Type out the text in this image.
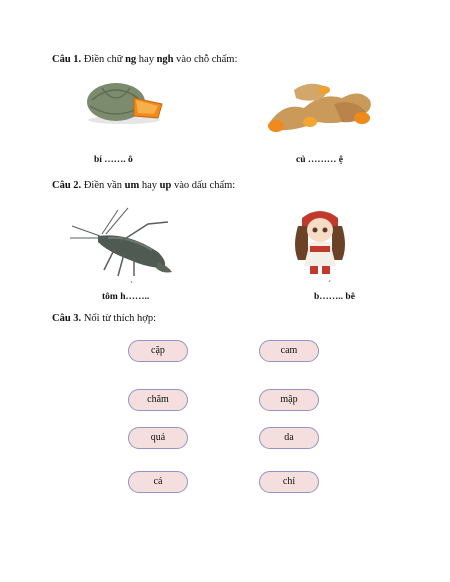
Câu 1. Điền chữ ng hay ngh vào chỗ chấm:
bí ……. ô	củ ……… ệ
Câu 2. Điền vần um hay up vào dấu chấm:
`	´
tôm h……..	b…….. bê
Câu 3. Nối từ thích hợp:
cặp
chăm
quả
cá
cam
mập
da
chỉ
